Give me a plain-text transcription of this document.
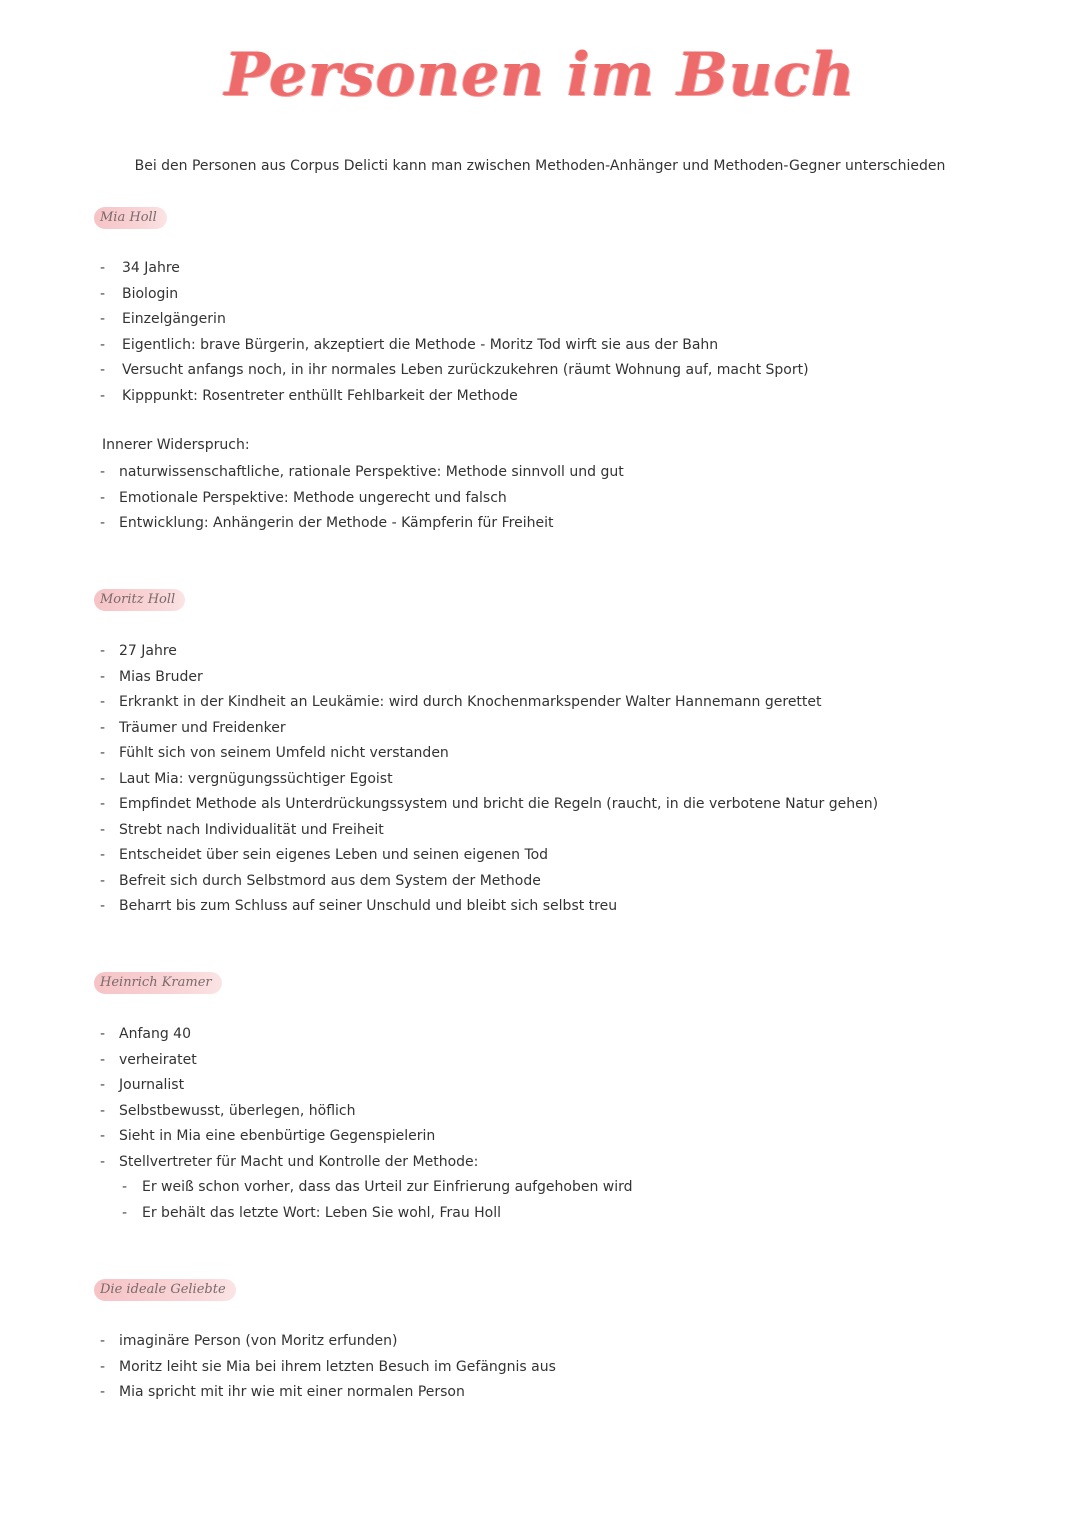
Personen im Buch
Bei den Personen aus Corpus Delicti kann man zwischen Methoden-Anhänger und Methoden-Gegner unterschieden
Mia Holl
- 34 Jahre
- Biologin
- Einzelgängerin
- Eigentlich: brave Bürgerin, akzeptiert die Methode - Moritz Tod wirft sie aus der Bahn
- Versucht anfangs noch, in ihr normales Leben zurückzukehren (räumt Wohnung auf, macht Sport)
- Kipppunkt: Rosentreter enthüllt Fehlbarkeit der Methode
Innerer Widerspruch:
- naturwissenschaftliche, rationale Perspektive: Methode sinnvoll und gut
- Emotionale Perspektive: Methode ungerecht und falsch
- Entwicklung: Anhängerin der Methode - Kämpferin für Freiheit
Moritz Holl
- 27 Jahre
- Mias Bruder
- Erkrankt in der Kindheit an Leukämie: wird durch Knochenmarkspender Walter Hannemann gerettet
- Träumer und Freidenker
- Fühlt sich von seinem Umfeld nicht verstanden
- Laut Mia: vergnügungssüchtiger Egoist
- Empfindet Methode als Unterdrückungssystem und bricht die Regeln (raucht, in die verbotene Natur gehen)
- Strebt nach Individualität und Freiheit
- Entscheidet über sein eigenes Leben und seinen eigenen Tod
- Befreit sich durch Selbstmord aus dem System der Methode
- Beharrt bis zum Schluss auf seiner Unschuld und bleibt sich selbst treu
Heinrich Kramer
- Anfang 40
- verheiratet
- Journalist
- Selbstbewusst, überlegen, höflich
- Sieht in Mia eine ebenbürtige Gegenspielerin
- Stellvertreter für Macht und Kontrolle der Methode:
- Er weiß schon vorher, dass das Urteil zur Einfrierung aufgehoben wird
- Er behält das letzte Wort: Leben Sie wohl, Frau Holl
Die ideale Geliebte
- imaginäre Person (von Moritz erfunden)
- Moritz leiht sie Mia bei ihrem letzten Besuch im Gefängnis aus
- Mia spricht mit ihr wie mit einer normalen Person
